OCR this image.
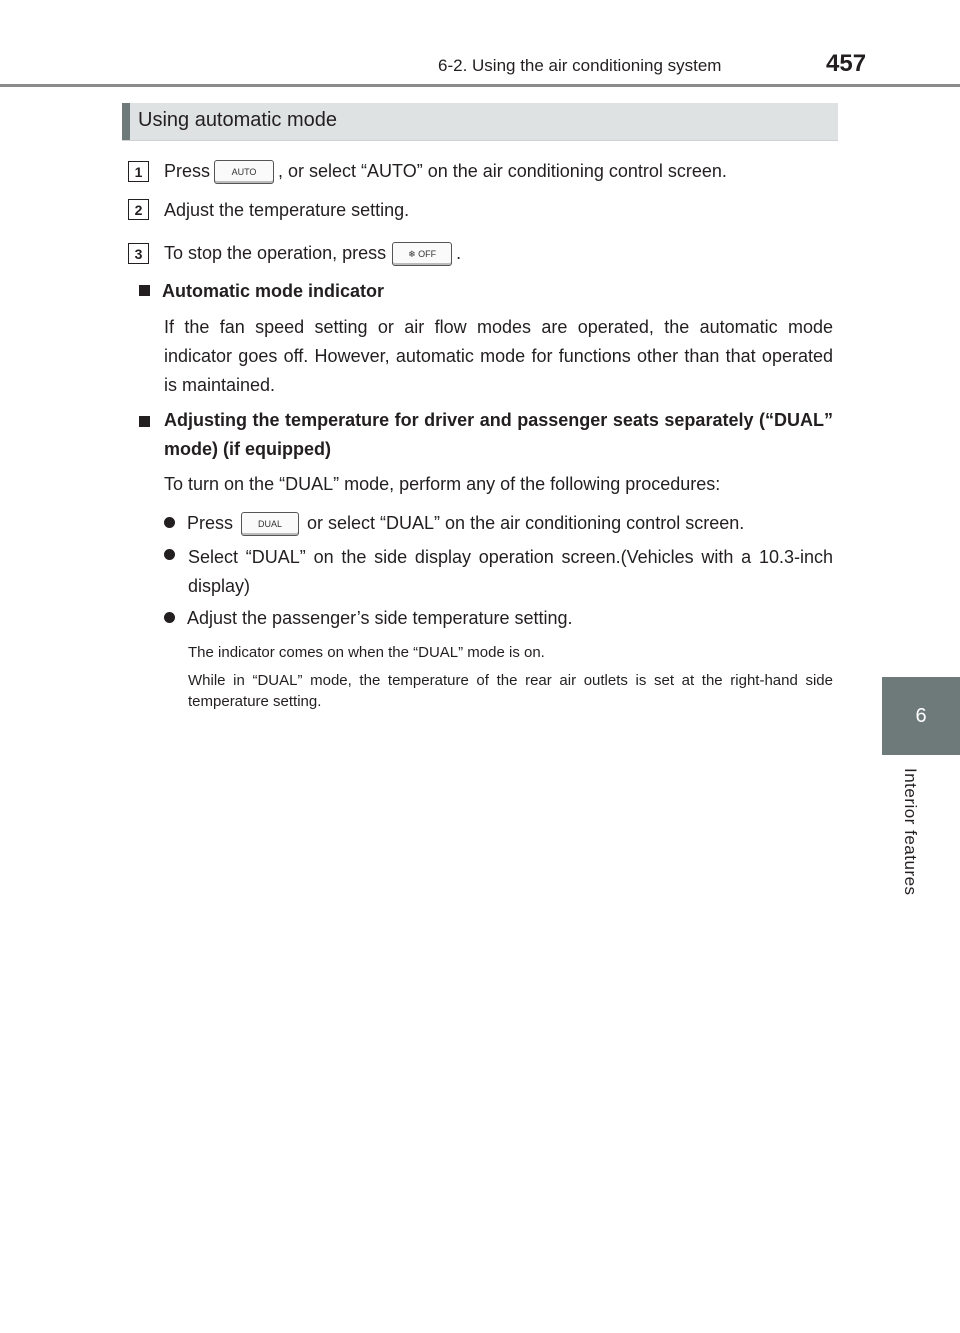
6-2. Using the air conditioning system	457
6
Interior features
Using automatic mode
1	Press AUTO , or select “AUTO” on the air conditioning control screen.
2	Adjust the temperature setting.
3	To stop the operation, press ❄ OFF .
Automatic mode indicator
If the fan speed setting or air flow modes are operated, the automatic mode indicator goes off. However, automatic mode for functions other than that operated is maintained.
Adjusting the temperature for driver and passenger seats separately (“DUAL” mode) (if equipped)
To turn on the “DUAL” mode, perform any of the following procedures:
Press	DUAL or select “DUAL” on the air conditioning control screen.
Select “DUAL” on the side display operation screen.(Vehicles with a 10.3-inch display)
Adjust the passenger’s side temperature setting.
The indicator comes on when the “DUAL” mode is on.
While in “DUAL” mode, the temperature of the rear air outlets is set at the right-hand side temperature setting.
